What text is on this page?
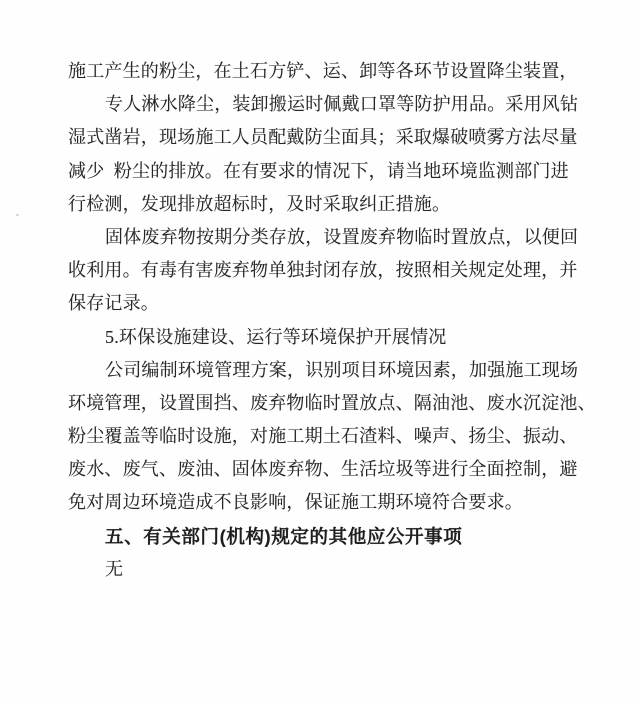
施工产生的粉尘，在土石方铲、运、卸等各环节设置降尘装置，
专人淋水降尘，装卸搬运时佩戴口罩等防护用品。采用风钻
湿式凿岩，现场施工人员配戴防尘面具；采取爆破喷雾方法尽量
减少  粉尘的排放。在有要求的情况下，请当地环境监测部门进
行检测，发现排放超标时，及时采取纠正措施。
固体废弃物按期分类存放，设置废弃物临时置放点，以便回
收利用。有毒有害废弃物单独封闭存放，按照相关规定处理，并
保存记录。
5.环保设施建设、运行等环境保护开展情况
公司编制环境管理方案，识别项目环境因素，加强施工现场
环境管理，设置围挡、废弃物临时置放点、隔油池、废水沉淀池、
粉尘覆盖等临时设施，对施工期土石渣料、噪声、扬尘、振动、
废水、废气、废油、固体废弃物、生活垃圾等进行全面控制，避
免对周边环境造成不良影响，保证施工期环境符合要求。
五、有关部门(机构)规定的其他应公开事项
无
